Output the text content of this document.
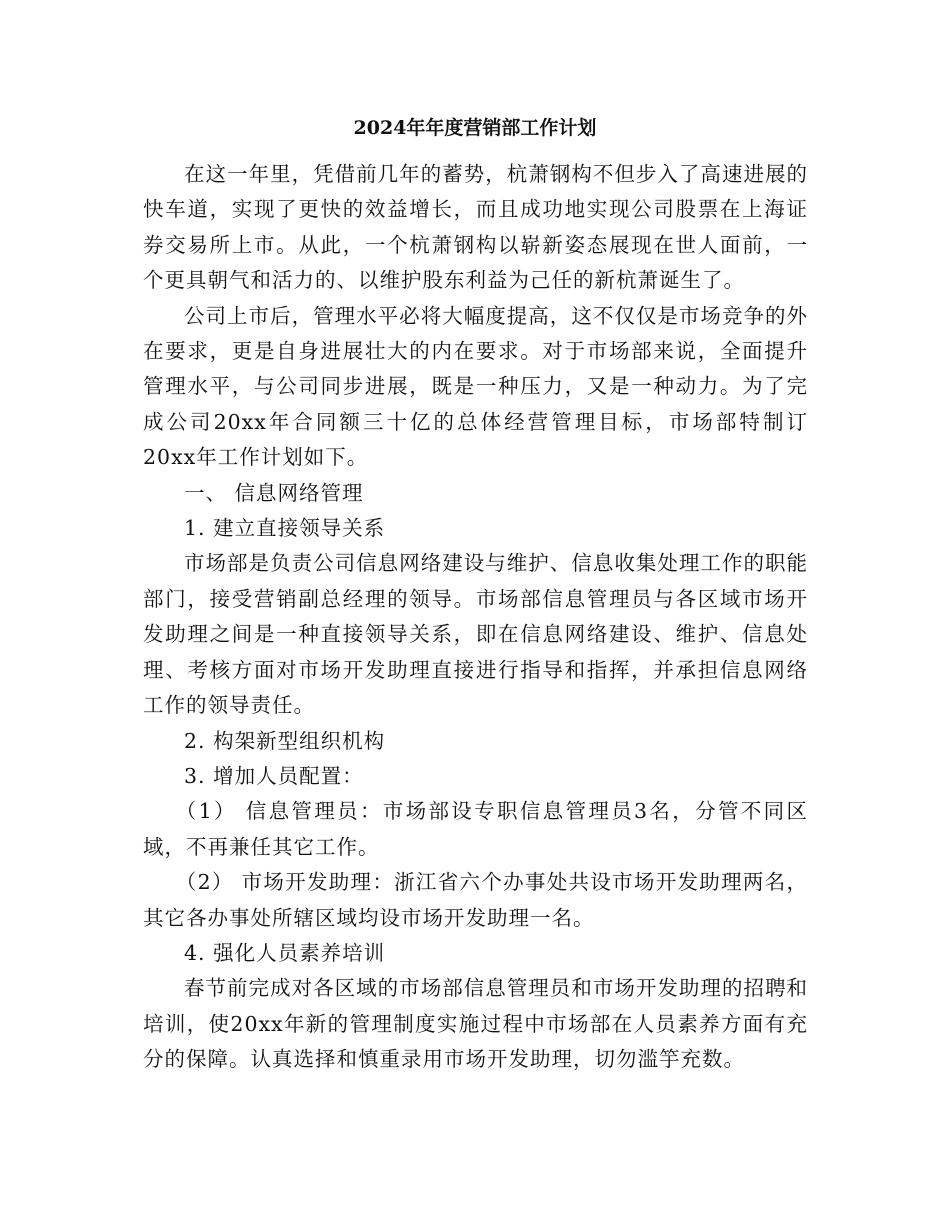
2024年年度营销部工作计划

在这一年里，凭借前几年的蓄势，杭萧钢构不但步入了高速进展的快车道，实现了更快的效益增长，而且成功地实现公司股票在上海证券交易所上市。从此，一个杭萧钢构以崭新姿态展现在世人面前，一个更具朝气和活力的、以维护股东利益为己任的新杭萧诞生了。

公司上市后，管理水平必将大幅度提高，这不仅仅是市场竞争的外在要求，更是自身进展壮大的内在要求。对于市场部来说，全面提升管理水平，与公司同步进展，既是一种压力，又是一种动力。为了完成公司20xx年合同额三十亿的总体经营管理目标，市场部特制订20xx年工作计划如下。

一、 信息网络管理

1. 建立直接领导关系

市场部是负责公司信息网络建设与维护、信息收集处理工作的职能部门，接受营销副总经理的领导。市场部信息管理员与各区域市场开发助理之间是一种直接领导关系，即在信息网络建设、维护、信息处理、考核方面对市场开发助理直接进行指导和指挥，并承担信息网络工作的领导责任。

2. 构架新型组织机构

3. 增加人员配置：

（1） 信息管理员：市场部设专职信息管理员3名，分管不同区域，不再兼任其它工作。

（2） 市场开发助理：浙江省六个办事处共设市场开发助理两名，其它各办事处所辖区域均设市场开发助理一名。

4. 强化人员素养培训

春节前完成对各区域的市场部信息管理员和市场开发助理的招聘和培训，使20xx年新的管理制度实施过程中市场部在人员素养方面有充分的保障。认真选择和慎重录用市场开发助理，切勿滥竽充数。
